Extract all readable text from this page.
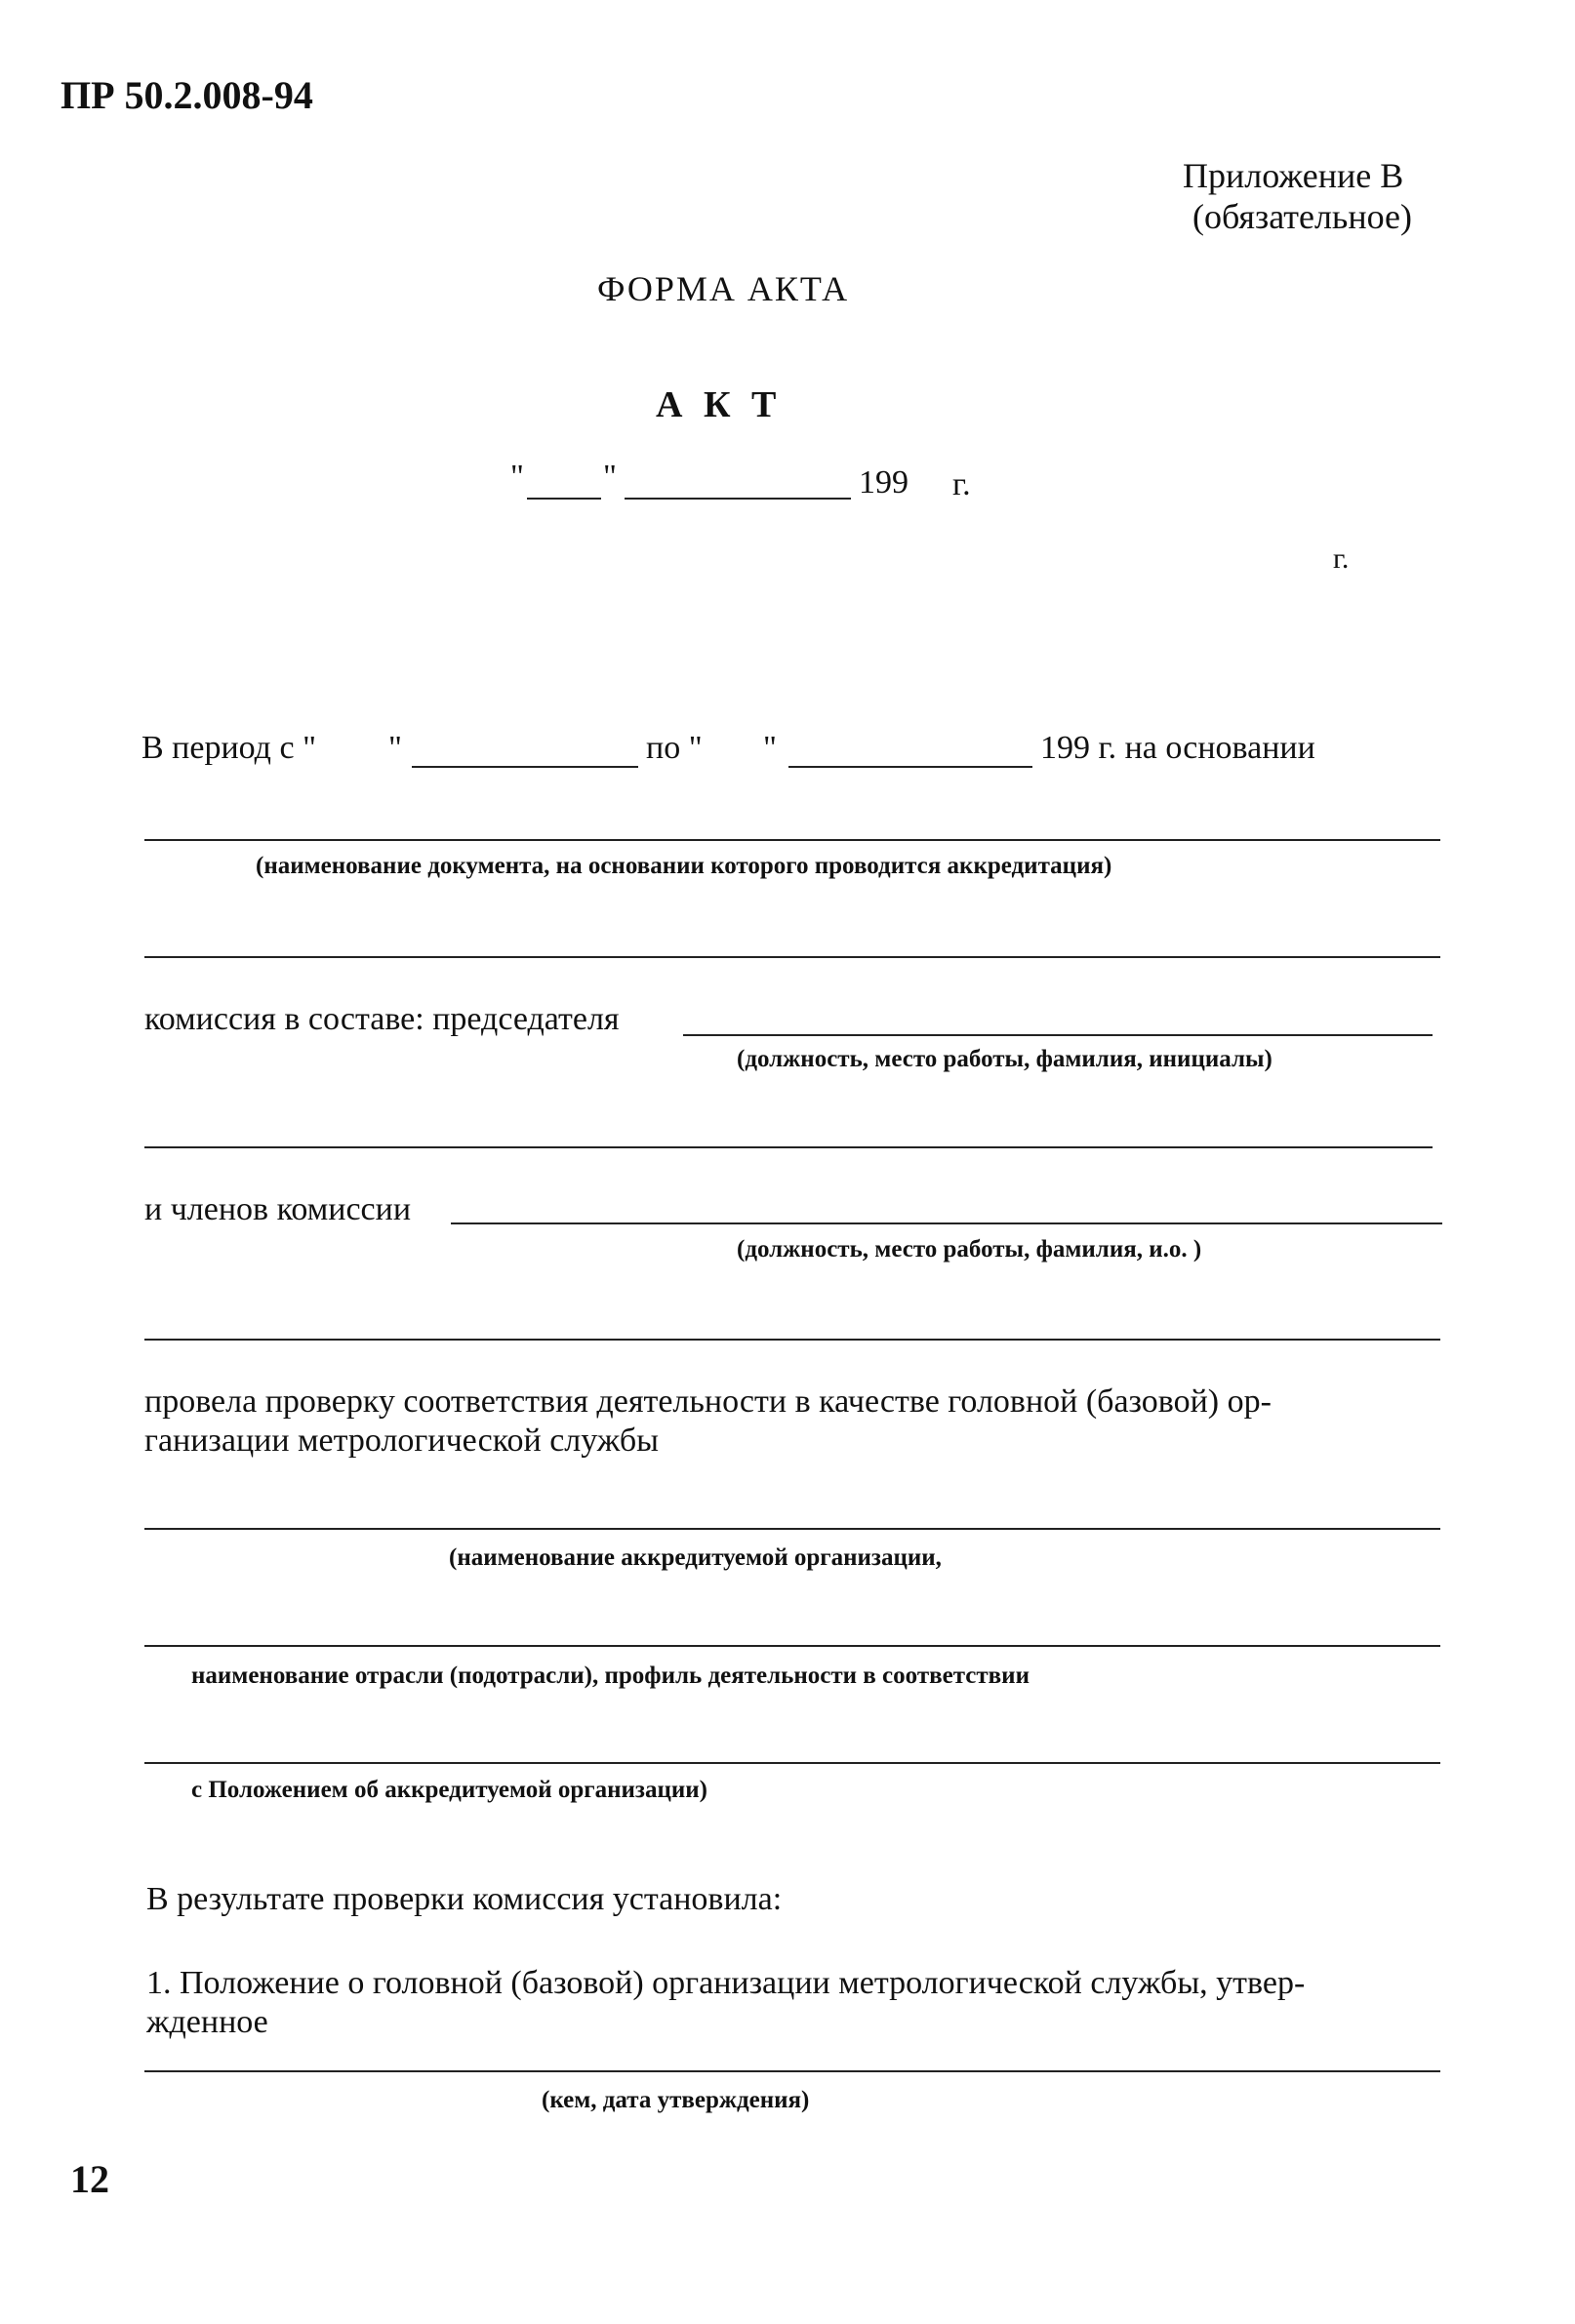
ПР 50.2.008-94
Приложение В
(обязательное)
ФОРМА АКТА
А К Т
" "	199 г.
г.
В период с " "	по " "	199 г. на основании
(наименование документа, на основании которого проводится аккредитация)
комиссия в составе: председателя
(должность, место работы, фамилия, инициалы)
и членов комиссии
(должность, место работы, фамилия, и.о. )
провела проверку соответствия деятельности в качестве головной (базовой) ор-
ганизации метрологической службы
(наименование аккредитуемой организации,
наименование отрасли (подотрасли), профиль деятельности в соответствии
с Положением об аккредитуемой организации)
В результате проверки комиссия установила:
1. Положение о головной (базовой) организации метрологической службы, утвер-
жденное
(кем, дата утверждения)
12
